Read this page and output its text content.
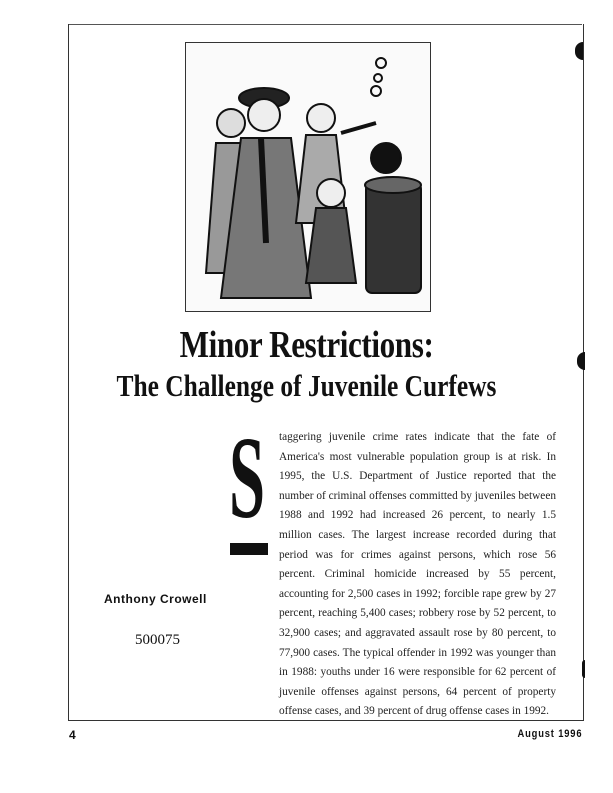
Minor Restrictions:
The Challenge of Juvenile Curfews
S taggering juvenile crime rates indicate that the fate of America's most vulnerable population group is at risk. In 1995, the U.S. Department of Justice reported that the number of criminal offenses committed by juveniles between 1988 and 1992 had increased 26 percent, to nearly 1.5 million cases. The largest increase recorded during that period was for crimes against persons, which rose 56 percent. Criminal homicide increased by 55 percent, accounting for 2,500 cases in 1992; forcible rape grew by 27 percent, reaching 5,400 cases; robbery rose by 52 percent, to 32,900 cases; and aggravated assault rose by 80 percent, to 77,900 cases. The typical offender in 1992 was younger than in 1988: youths under 16 were responsible for 62 percent of juvenile offenses against persons, 64 percent of property offense cases, and 39 percent of drug offense cases in 1992.
Anthony Crowell
500075
4	August 1996
